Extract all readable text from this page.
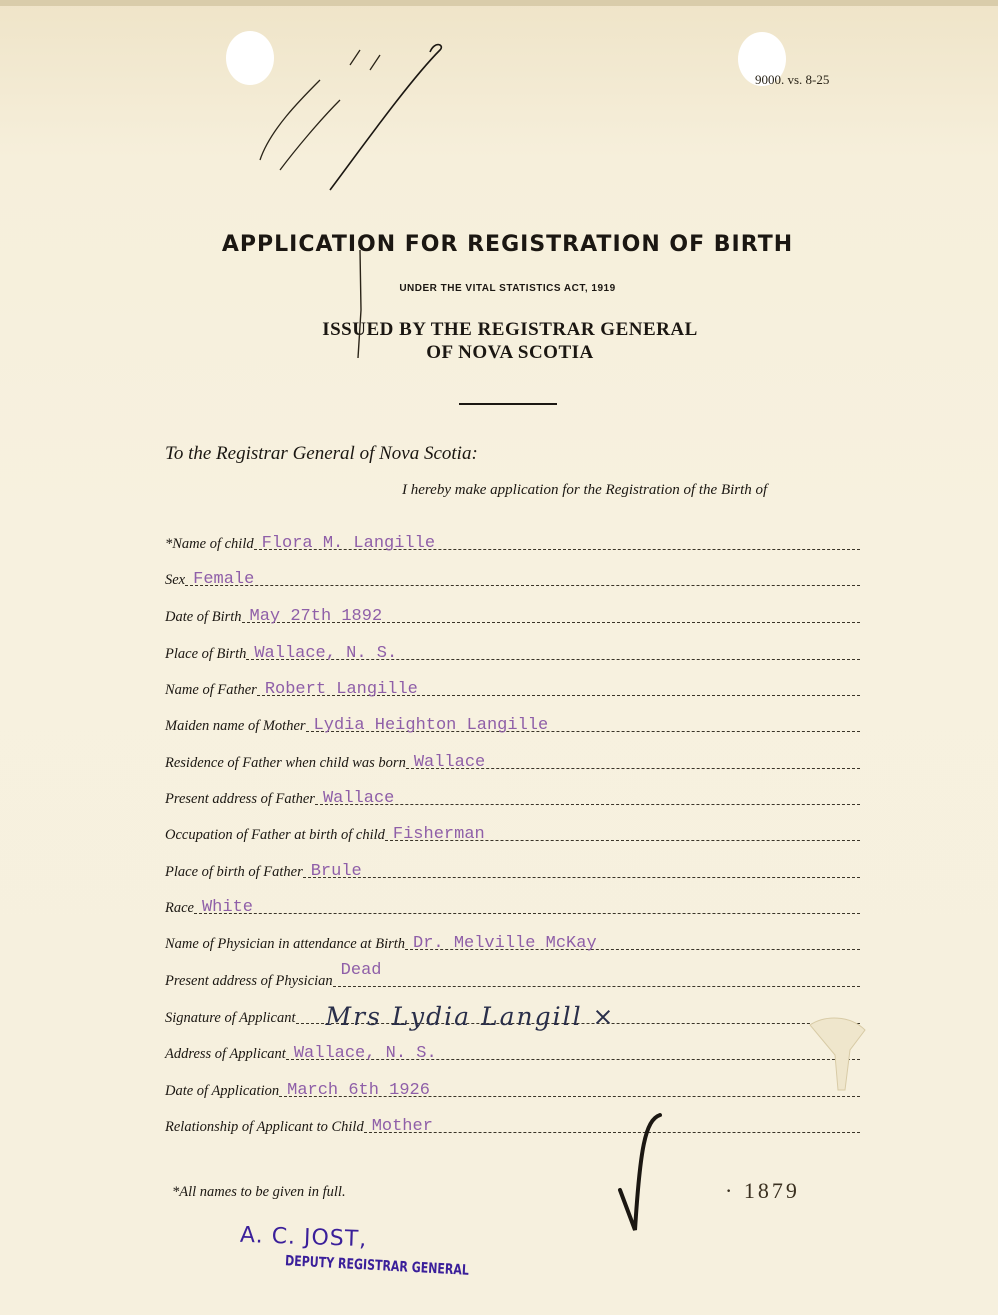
9000. vs. 8-25
APPLICATION FOR REGISTRATION OF BIRTH
UNDER THE VITAL STATISTICS ACT, 1919
ISSUED BY THE REGISTRAR GENERAL
OF NOVA SCOTIA
To the Registrar General of Nova Scotia:
I hereby make application for the Registration of the Birth of
*Name of child Flora M. Langille
Sex Female
Date of Birth May 27th 1892
Place of Birth Wallace, N. S.
Name of Father Robert Langille
Maiden name of Mother Lydia Heighton Langille
Residence of Father when child was born Wallace
Present address of Father Wallace
Occupation of Father at birth of child Fisherman
Place of birth of Father Brule
Race White
Name of Physician in attendance at Birth Dr. Melville McKay
Present address of Physician
Dead
Signature of Applicant Mrs Lydia Langill ×
Address of Applicant Wallace, N. S.
Date of Application March 6th 1926
Relationship of Applicant to Child Mother
*All names to be given in full.	· 1879
A. C. JOST,
DEPUTY REGISTRAR GENERAL
